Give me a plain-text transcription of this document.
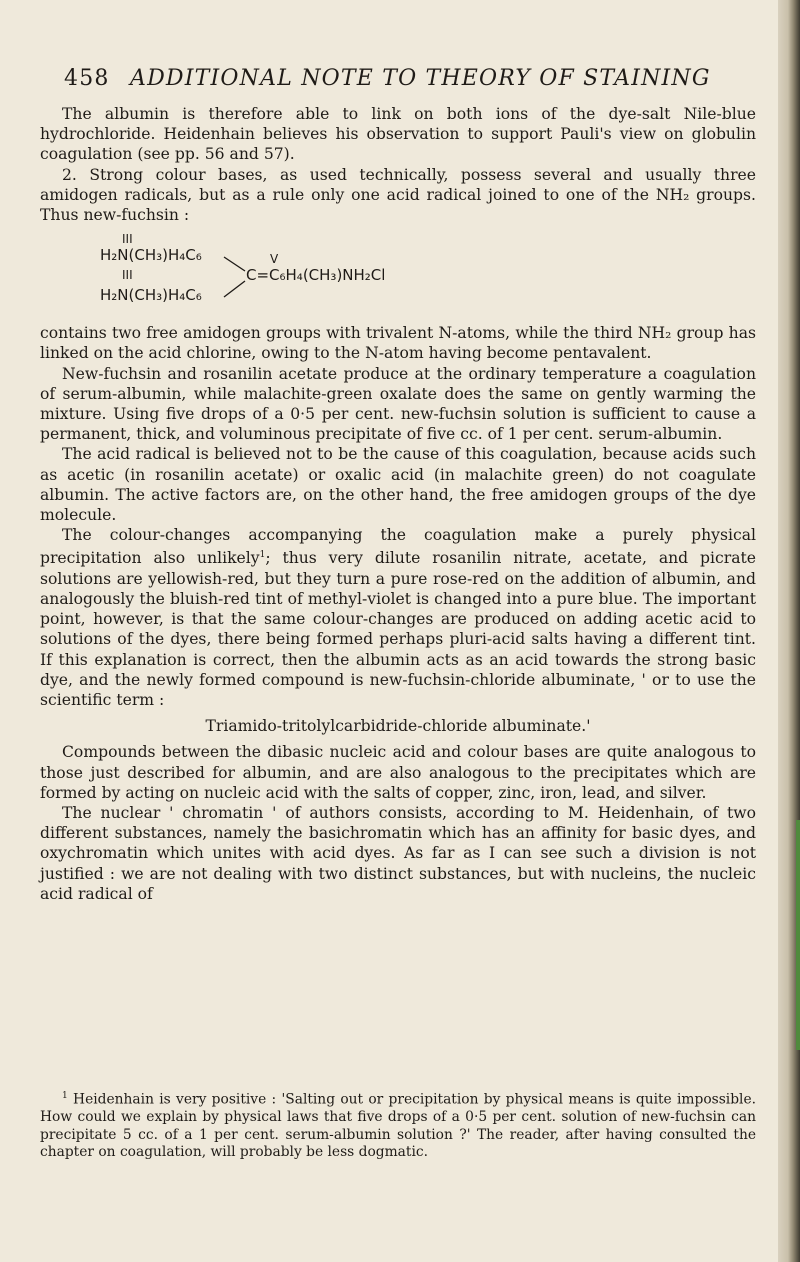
458 ADDITIONAL NOTE TO THEORY OF STAINING

The albumin is therefore able to link on both ions of the dye-salt Nile-blue hydrochloride. Heidenhain believes his observation to support Pauli's view on globulin coagulation (see pp. 56 and 57).

2. Strong colour bases, as used technically, possess several and usually three amidogen radicals, but as a rule only one acid radical joined to one of the NH₂ groups. Thus new-fuchsin :

III
H₂N(CH₃)H₄C₆
III
H₂N(CH₃)H₄C₆
V
C=C₆H₄(CH₃)NH₂Cl

contains two free amidogen groups with trivalent N-atoms, while the third NH₂ group has linked on the acid chlorine, owing to the N-atom having become pentavalent.

New-fuchsin and rosanilin acetate produce at the ordinary temperature a coagulation of serum-albumin, while malachite-green oxalate does the same on gently warming the mixture. Using five drops of a 0·5 per cent. new-fuchsin solution is sufficient to cause a permanent, thick, and voluminous precipitate of five cc. of 1 per cent. serum-albumin.

The acid radical is believed not to be the cause of this coagulation, because acids such as acetic (in rosanilin acetate) or oxalic acid (in malachite green) do not coagulate albumin. The active factors are, on the other hand, the free amidogen groups of the dye molecule.

The colour-changes accompanying the coagulation make a purely physical precipitation also unlikely$^1$; thus very dilute rosanilin nitrate, acetate, and picrate solutions are yellowish-red, but they turn a pure rose-red on the addition of albumin, and analogously the bluish-red tint of methyl-violet is changed into a pure blue. The important point, however, is that the same colour-changes are produced on adding acetic acid to solutions of the dyes, there being formed perhaps pluri-acid salts having a different tint. If this explanation is correct, then the albumin acts as an acid towards the strong basic dye, and the newly formed compound is new-fuchsin-chloride albuminate, ' or to use the scientific term :

Triamido-tritolylcarbidride-chloride albuminate.'

Compounds between the dibasic nucleic acid and colour bases are quite analogous to those just described for albumin, and are also analogous to the precipitates which are formed by acting on nucleic acid with the salts of copper, zinc, iron, lead, and silver.

The nuclear ' chromatin ' of authors consists, according to M. Heidenhain, of two different substances, namely the basichromatin which has an affinity for basic dyes, and oxychromatin which unites with acid dyes. As far as I can see such a division is not justified : we are not dealing with two distinct substances, but with nucleins, the nucleic acid radical of

$^1$ Heidenhain is very positive : 'Salting out or precipitation by physical means is quite impossible. How could we explain by physical laws that five drops of a 0·5 per cent. solution of new-fuchsin can precipitate 5 cc. of a 1 per cent. serum-albumin solution ?' The reader, after having consulted the chapter on coagulation, will probably be less dogmatic.
